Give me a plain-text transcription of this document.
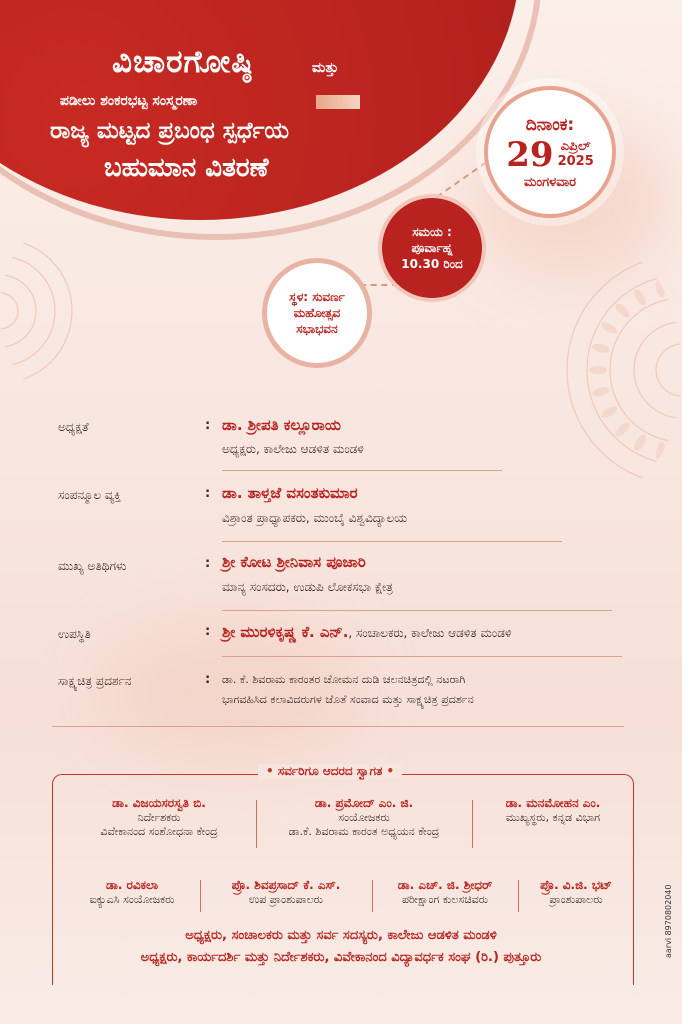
ವಿಚಾರಗೋಷ್ಠಿ	ಮತ್ತು
ಪಡೀಲು ಶಂಕರಭಟ್ಟ ಸಂಸ್ಮರಣಾ
ರಾಜ್ಯ ಮಟ್ಟದ ಪ್ರಬಂಧ ಸ್ಪರ್ಧೆಯ
ಬಹುಮಾನ ವಿತರಣೆ
ದಿನಾಂಕ:
29 ಎಪ್ರಿಲ್
2025
ಮಂಗಳವಾರ
ಸಮಯ :
ಪೂರ್ವಾಹ್ನ
10.30 ರಿಂದ
ಸ್ಥಳ: ಸುವರ್ಣ
ಮಹೋತ್ಸವ
ಸಭಾಭವನ
ಅಧ್ಯಕ್ಷತೆ	: ಡಾ. ಶ್ರೀಪತಿ ಕಲ್ಲೂರಾಯ
ಅಧ್ಯಕ್ಷರು, ಕಾಲೇಜು ಆಡಳಿತ ಮಂಡಳಿ
ಸಂಪನ್ಮೂಲ ವ್ಯಕ್ತಿ	: ಡಾ. ತಾಳ್ತಜೆ ವಸಂತಕುಮಾರ
ವಿಶ್ರಾಂತ ಪ್ರಾಧ್ಯಾಪಕರು, ಮುಂಬೈ ವಿಶ್ವವಿದ್ಯಾಲಯ
ಮುಖ್ಯ ಅತಿಥಿಗಳು	: ಶ್ರೀ ಕೋಟ ಶ್ರೀನಿವಾಸ ಪೂಜಾರಿ
ಮಾನ್ಯ ಸಂಸದರು, ಉಡುಪಿ ಲೋಕಸಭಾ ಕ್ಷೇತ್ರ
ಉಪಸ್ಥಿತಿ	: ಶ್ರೀ ಮುರಳಿಕೃಷ್ಣ ಕೆ. ಎನ್., ಸಂಚಾಲಕರು, ಕಾಲೇಜು ಆಡಳಿತ ಮಂಡಳಿ
ಸಾಕ್ಷ್ಯಚಿತ್ರ ಪ್ರದರ್ಶನ	: ಡಾ. ಕೆ. ಶಿವರಾಮ ಕಾರಂತರ ಚೋಮನ ದುಡಿ ಚಲನಚಿತ್ರದಲ್ಲಿ ನಟರಾಗಿ
ಭಾಗವಹಿಸಿದ ಕಲಾವಿದರುಗಳ ಜೊತೆ ಸಂವಾದ ಮತ್ತು ಸಾಕ್ಷ್ಯಚಿತ್ರ ಪ್ರದರ್ಶನ
• ಸರ್ವರಿಗೂ ಆದರದ ಸ್ವಾಗತ •
ಡಾ. ವಿಜಯಸರಸ್ವತಿ ಬಿ.
ನಿರ್ದೇಶಕರು
ವಿವೇಕಾನಂದ ಸಂಶೋಧನಾ ಕೇಂದ್ರ
ಡಾ. ಪ್ರಮೋದ್ ಎಂ. ಜಿ.
ಸಂಯೋಜಕರು
ಡಾ.ಕೆ. ಶಿವರಾಮ ಕಾರಂತ ಅಧ್ಯಯನ ಕೇಂದ್ರ
ಡಾ. ಮನಮೋಹನ ಎಂ.
ಮುಖ್ಯಸ್ಥರು, ಕನ್ನಡ ವಿಭಾಗ
ಡಾ. ರವಿಕಲಾ
ಐಕ್ಯುಎಸಿ ಸಂಯೋಜಕರು
ಪ್ರೊ. ಶಿವಪ್ರಸಾದ್ ಕೆ. ಎಸ್.
ಉಪ ಪ್ರಾಂಶುಪಾಲರು
ಡಾ. ಎಚ್. ಜಿ. ಶ್ರೀಧರ್
ಪರೀಕ್ಷಾಂಗ ಕುಲಸಚಿವರು
ಪ್ರೊ. ವಿ.ಜಿ. ಭಟ್
ಪ್ರಾಂಶುಪಾಲರು
ಅಧ್ಯಕ್ಷರು, ಸಂಚಾಲಕರು ಮತ್ತು ಸರ್ವ ಸದಸ್ಯರು, ಕಾಲೇಜು ಆಡಳಿತ ಮಂಡಳಿ
ಅಧ್ಯಕ್ಷರು, ಕಾರ್ಯದರ್ಶಿ ಮತ್ತು ನಿರ್ದೇಶಕರು, ವಿವೇಕಾನಂದ ವಿದ್ಯಾವರ್ಧಕ ಸಂಘ (ರಿ.) ಪುತ್ತೂರು	aarvi 8970802040
